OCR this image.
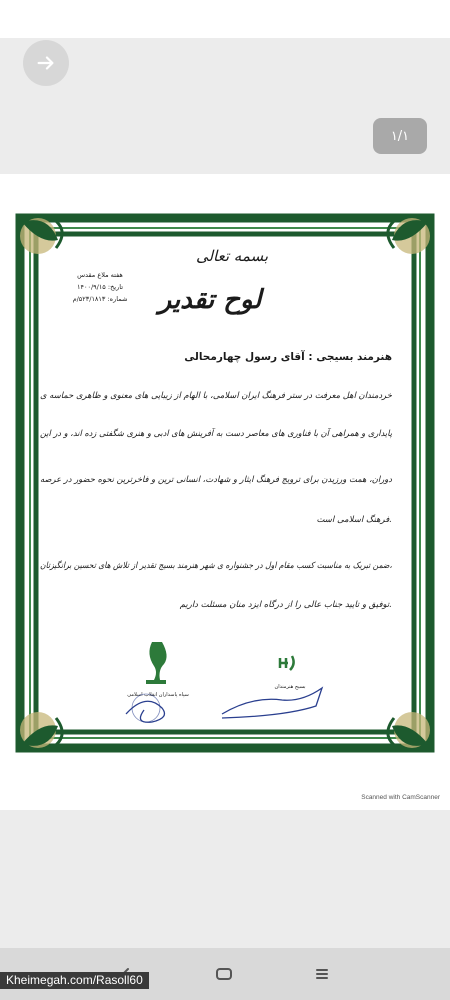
۱/۱
بسمه تعالی
لوح تقدیر
هفته ملاع مقدس
تاریخ: ۱۴۰۰/۹/۱۵
شماره: ۵۲۳/۱۸۱۳/م
هنرمند بسیجی : آقای رسول چهارمحالی
خردمندان اهل معرفت در ستر فرهنگ ایران اسلامی، با الهام از زیبایی های معنوی و ظاهری حماسه ی
پایداری و همراهی آن با فناوری های معاصر دست به آفرینش های ادبی و هنری شگفتی زده اند، و در این
دوران، همت ورزیدن برای ترویج فرهنگ ایثار و شهادت، انسانی ترین و فاخرترین نحوه حضور در عرصه
فرهنگ اسلامی است.
ضمن تبریک به مناسبت کسب مقام اول در جشنواره ی شهر هنرمند بسیج تقدیر از تلاش های تحسین برانگیزتان،
توفیق و تایید جناب عالی را از درگاه ایزد منان مسئلت داریم.
سپاه پاسداران انقلاب اسلامی
بسیج هنرمندان
Scanned with CamScanner
Kheimegah.com/Rasoll60
